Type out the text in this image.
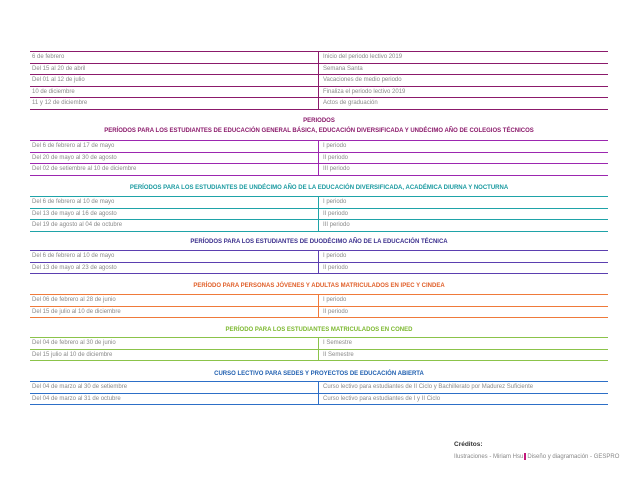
6 de febrero	Inicio del periodo lectivo 2019
Del 15 al 20 de abril	Semana Santa
Del 01 al 12 de julio	Vacaciones de medio periodo
10 de diciembre	Finaliza el periodo lectivo 2019
11 y 12 de diciembre	Actos de graduación
PERIODOS
PERÍODOS PARA LOS ESTUDIANTES DE EDUCACIÓN GENERAL BÁSICA, EDUCACIÓN DIVERSIFICADA Y UNDÉCIMO AÑO DE COLEGIOS TÉCNICOS
Del 6 de febrero al 17 de mayo	I periodo
Del 20 de mayo al 30 de agosto	II periodo
Del 02 de setiembre al 10 de diciembre	III periodo
PERÍODOS PARA LOS ESTUDIANTES DE UNDÉCIMO AÑO DE LA EDUCACIÓN DIVERSIFICADA, ACADÉMICA DIURNA Y NOCTURNA
Del 6 de febrero al 10 de mayo	I periodo
Del 13 de mayo al 16 de agosto	II periodo
Del 19 de agosto al 04 de octubre	III periodo
PERÍODOS PARA LOS ESTUDIANTES DE DUODÉCIMO AÑO DE LA EDUCACIÓN TÉCNICA
Del 6 de febrero al 10 de mayo	I periodo
Del 13 de mayo al 23 de agosto	II periodo
PERÍODO PARA PERSONAS JÓVENES Y ADULTAS MATRICULADOS EN IPEC Y CINDEA
Del 06 de febrero al 28 de junio	I periodo
Del 15 de julio al 10 de diciembre	II periodo
PERÍODO PARA LOS ESTUDIANTES MATRICULADOS EN CONED
Del 04 de febrero al 30 de junio	I Semestre
Del 15 julio al 10 de diciembre	II Semestre
CURSO LECTIVO PARA SEDES Y PROYECTOS DE EDUCACIÓN ABIERTA
Del 04 de marzo al 30 de setiembre	Curso lectivo para estudiantes de II Ciclo y Bachillerato por Madurez Suficiente
Del 04 de marzo al 31 de octubre	Curso lectivo para estudiantes de I y II Ciclo
Créditos:
Ilustraciones - Miriam Hsu Diseño y diagramación - GESPRO
